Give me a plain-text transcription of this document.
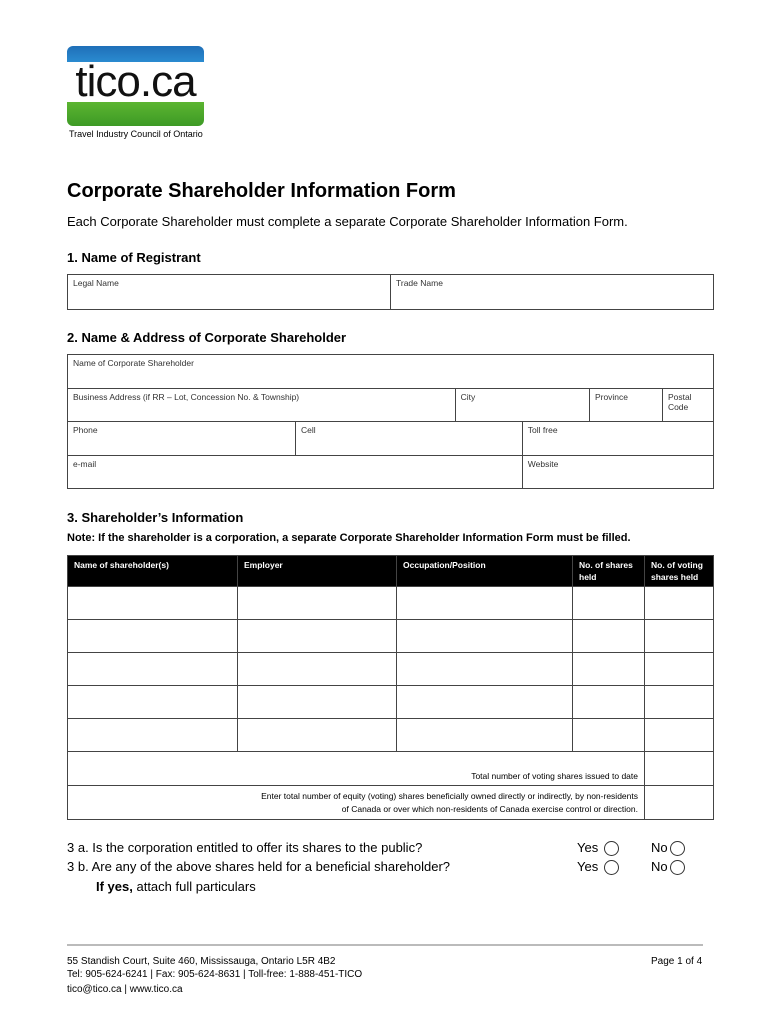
tico.ca
Travel Industry Council of Ontario
Corporate Shareholder Information Form
Each Corporate Shareholder must complete a separate Corporate Shareholder Information Form.
1. Name of Registrant
Legal Name	Trade Name
2. Name & Address of Corporate Shareholder
Name of Corporate Shareholder					
Business Address (if RR – Lot, Concession No. & Township)		City		Province	Postal Code
Phone	Cell		Toll free		
e-mail			Website		
3. Shareholder’s Information
Note: If the shareholder is a corporation, a separate Corporate Shareholder Information Form must be filled.
Name of shareholder(s)	Employer	Occupation/Position	No. of shares held	No. of voting shares held

Total number of voting shares issued to date				

Enter total number of equity (voting) shares beneficially owned directly or indirectly, by non-residents
of Canada or over which non-residents of Canada exercise control or direction.				

3 a. Is the corporation entitled to offer its shares to the public?	Yes	No
3 b. Are any of the above shares held for a beneficial shareholder?	Yes	No
If yes, attach full particulars
55 Standish Court, Suite 460, Mississauga, Ontario L5R 4B2
Tel: 905-624-6241 | Fax: 905-624-8631 | Toll-free: 1-888-451-TICO
tico@tico.ca | www.tico.ca
Page 1 of 4
